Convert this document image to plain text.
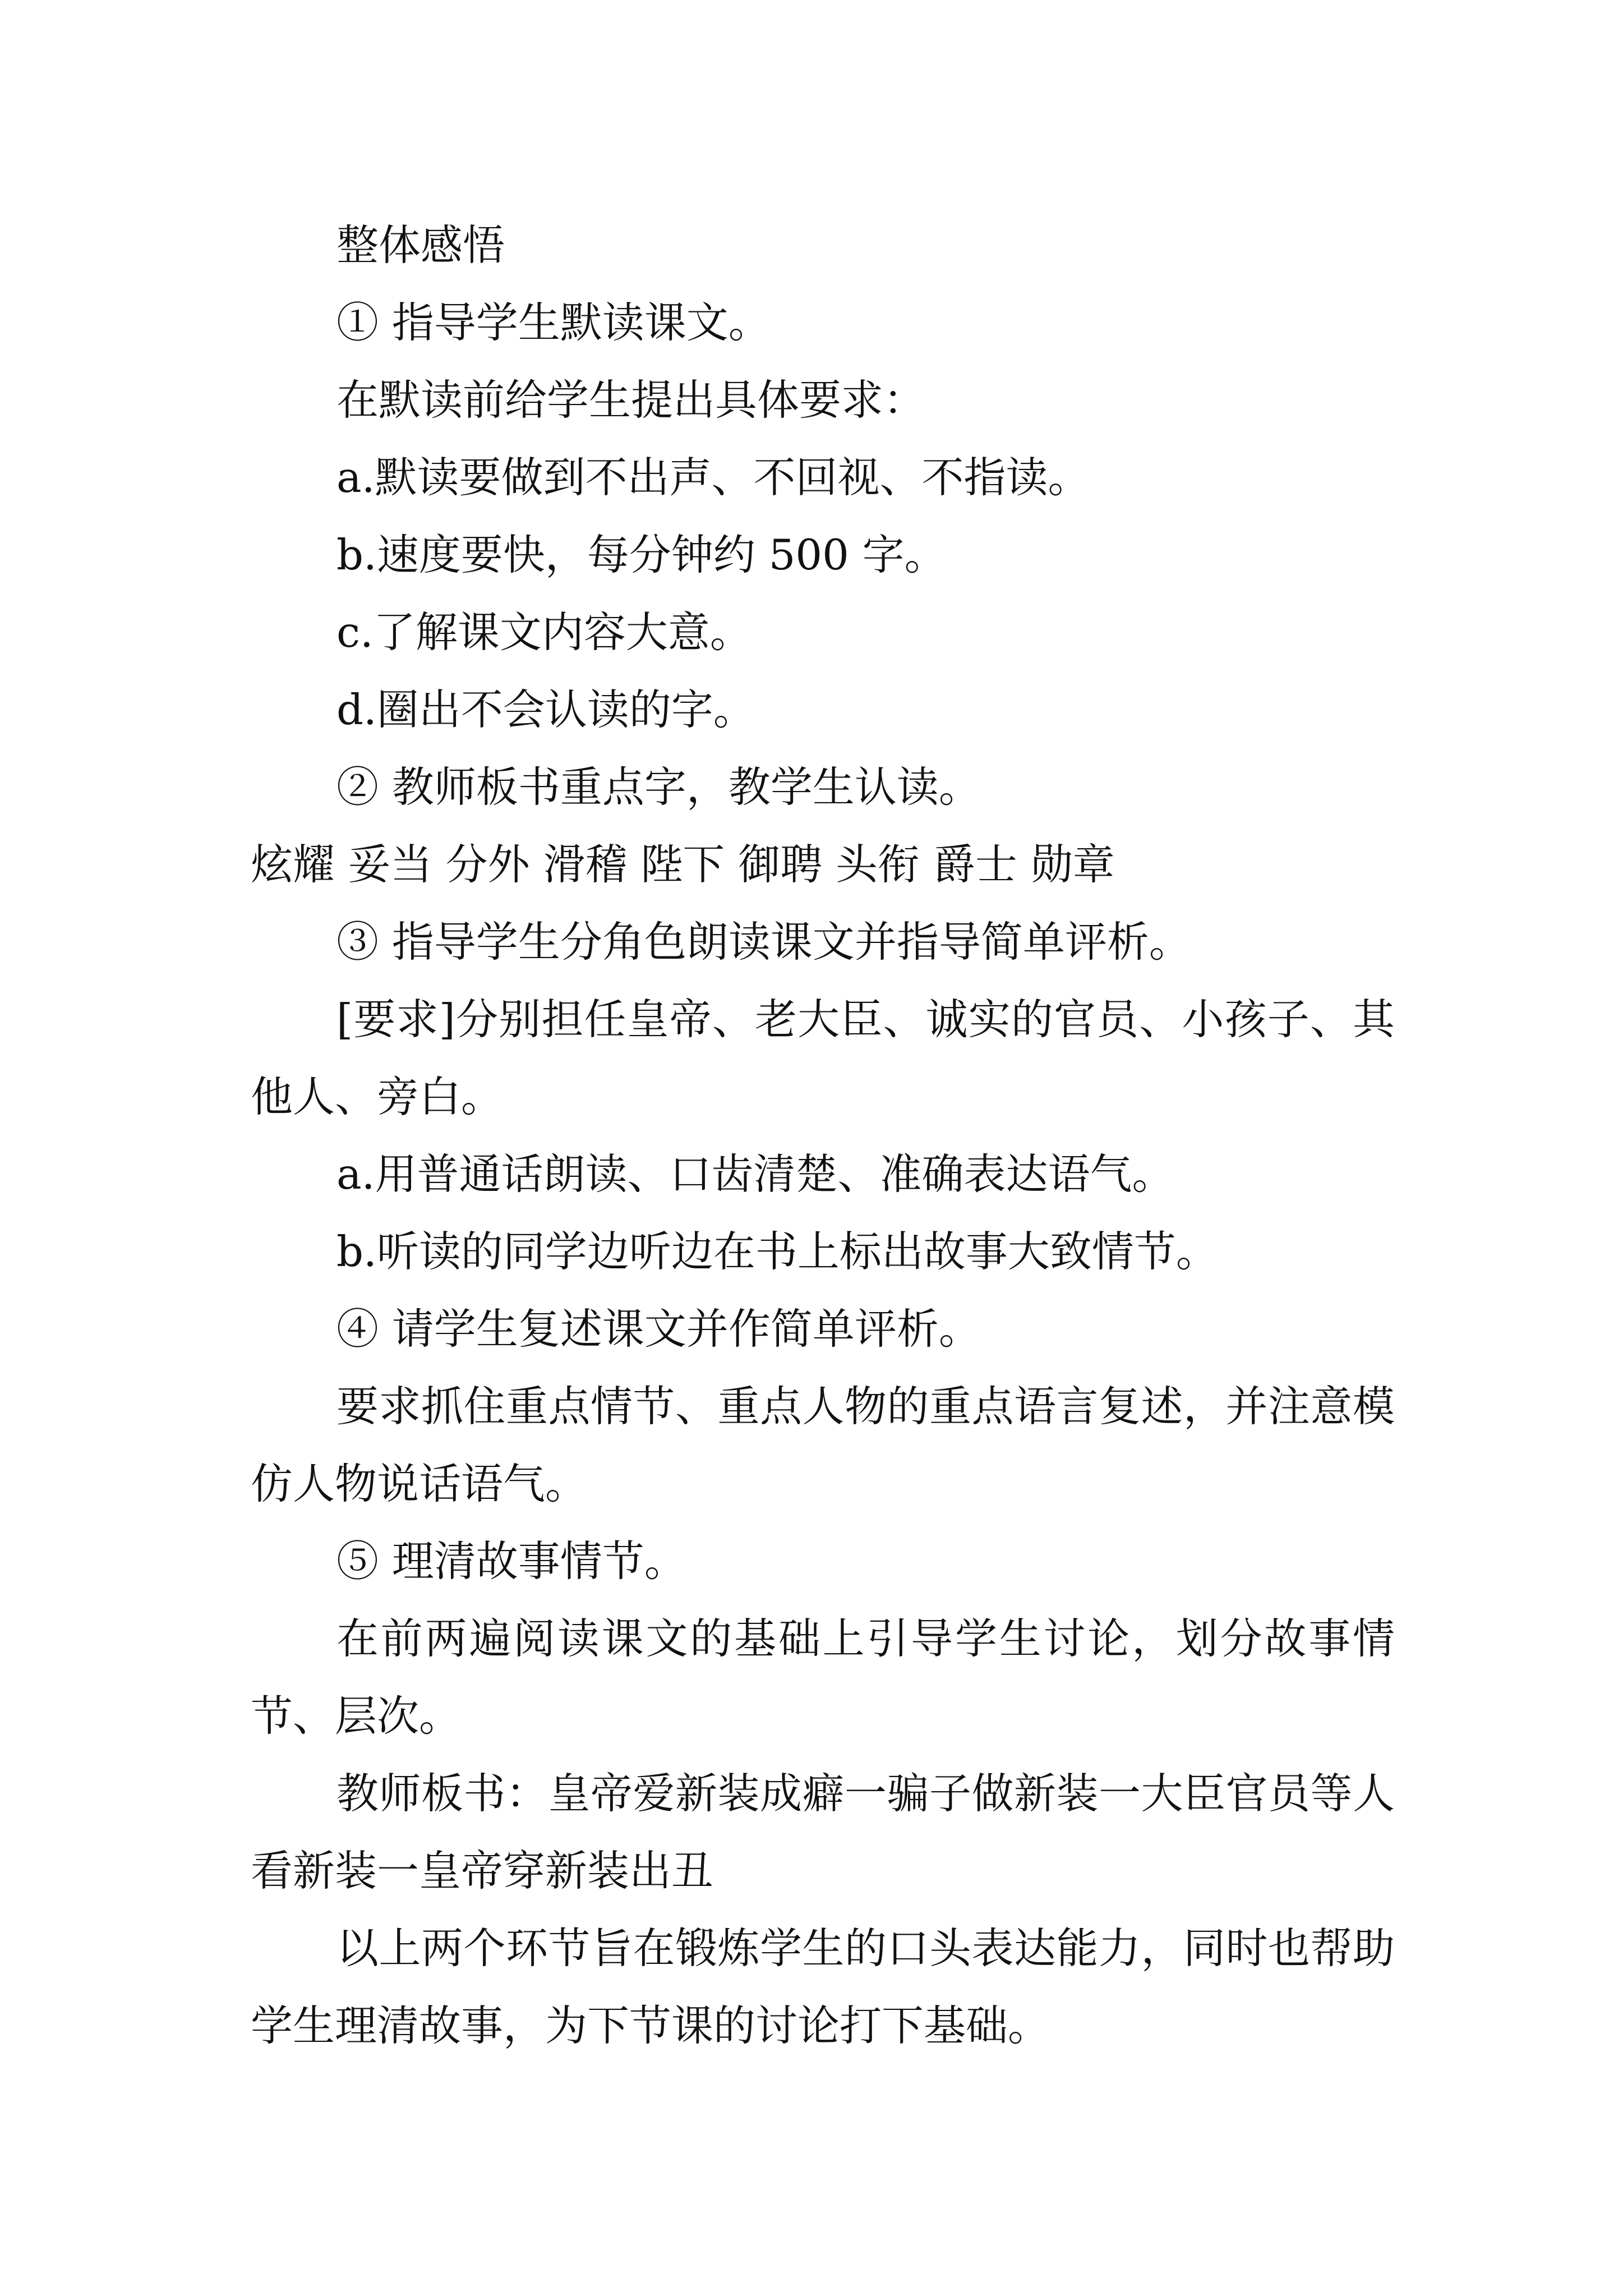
整体感悟

① 指导学生默读课文。

在默读前给学生提出具体要求：

a.默读要做到不出声、不回视、不指读。

b.速度要快，每分钟约 500 字。

c.了解课文内容大意。

d.圈出不会认读的字。

② 教师板书重点字，教学生认读。

炫耀 妥当 分外 滑稽 陛下 御聘 头衔 爵士 勋章

③ 指导学生分角色朗读课文并指导简单评析。

[要求]分别担任皇帝、老大臣、诚实的官员、小孩子、其他人、旁白。

a.用普通话朗读、口齿清楚、准确表达语气。

b.听读的同学边听边在书上标出故事大致情节。

④ 请学生复述课文并作简单评析。

要求抓住重点情节、重点人物的重点语言复述，并注意模仿人物说话语气。

⑤ 理清故事情节。

在前两遍阅读课文的基础上引导学生讨论，划分故事情节、层次。

教师板书：皇帝爱新装成癖一骗子做新装一大臣官员等人看新装一皇帝穿新装出丑

以上两个环节旨在锻炼学生的口头表达能力，同时也帮助学生理清故事，为下节课的讨论打下基础。
